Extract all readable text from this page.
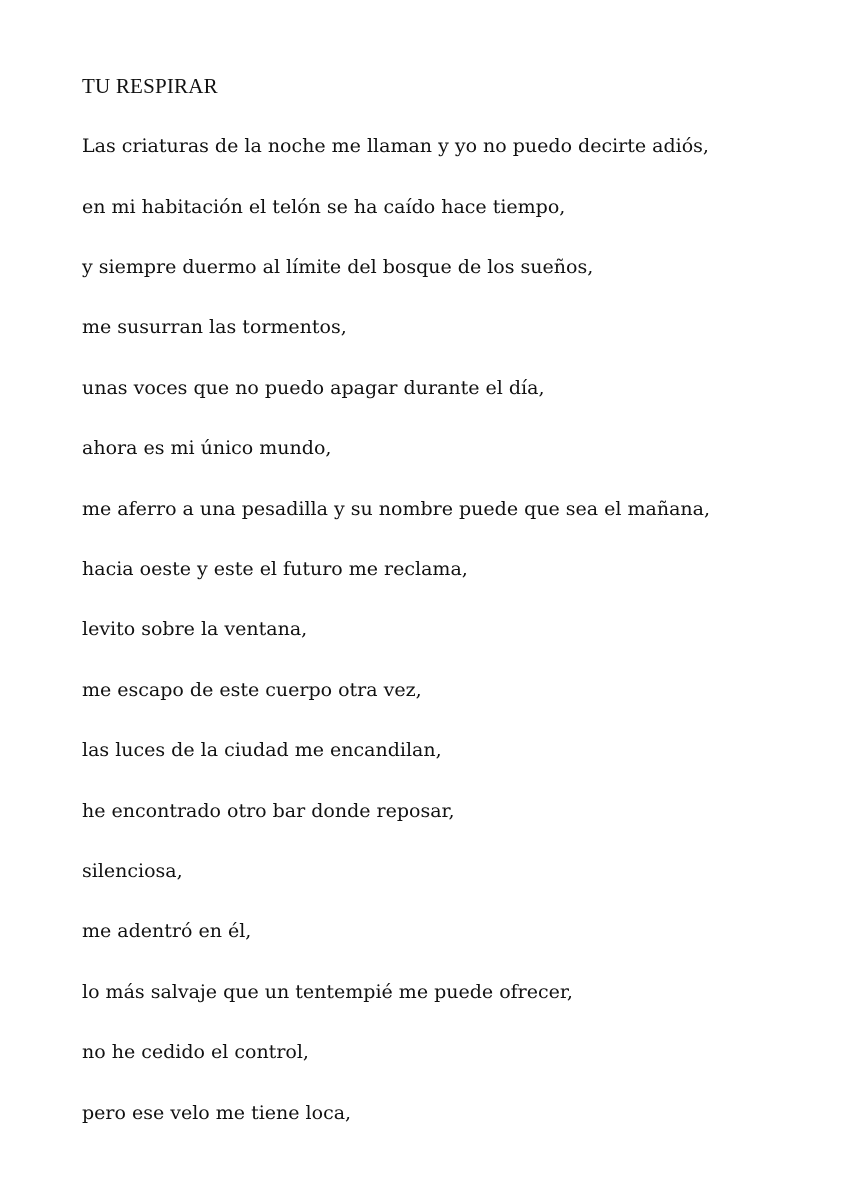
TU RESPIRAR
Las criaturas de la noche me llaman y yo no puedo decirte adiós,
en mi habitación el telón se ha caído hace tiempo,
y siempre duermo al límite del bosque de los sueños,
me susurran las tormentos,
unas voces que no puedo apagar durante el día,
ahora es mi único mundo,
me aferro a una pesadilla y su nombre puede que sea el mañana,
hacia oeste y este el futuro me reclama,
levito sobre la ventana,
me escapo de este cuerpo otra vez,
las luces de la ciudad me encandilan,
he encontrado otro bar donde reposar,
silenciosa,
me adentró en él,
lo más salvaje que un tentempié me puede ofrecer,
no he cedido el control,
pero ese velo me tiene loca,
